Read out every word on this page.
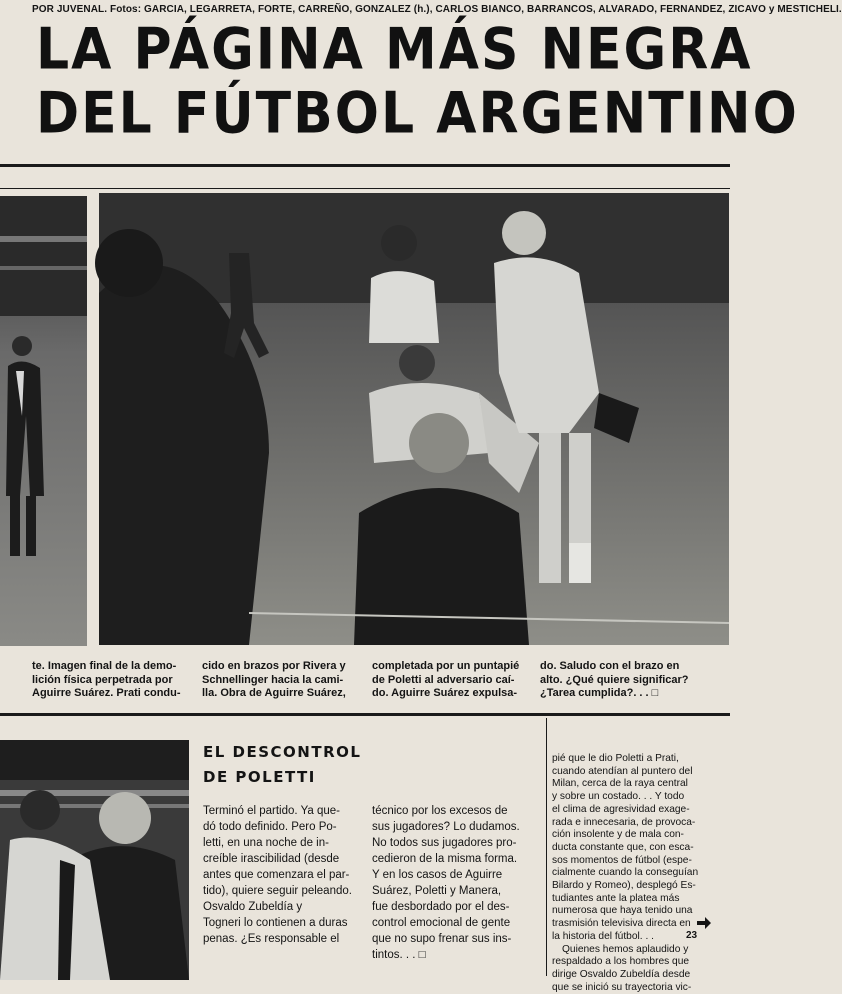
POR JUVENAL. Fotos: GARCIA, LEGARRETA, FORTE, CARREÑO, GONZALEZ (h.), CARLOS BIANCO, BARRANCOS, ALVARADO, FERNANDEZ, ZICAVO y MESTICHELI.
LA PÁGINA MÁS NEGRA
DEL FÚTBOL ARGENTINO
te. Imagen final de la demo-
lición física perpetrada por
Aguirre Suárez. Prati condu-
cido en brazos por Rivera y
Schnellinger hacia la cami-
lla. Obra de Aguirre Suárez,
completada por un puntapié
de Poletti al adversario caí-
do. Aguirre Suárez expulsa-
do. Saludo con el brazo en
alto. ¿Qué quiere significar?
¿Tarea cumplida?. . . □
EL DESCONTROL
DE POLETTI
Terminó el partido. Ya que-
dó todo definido. Pero Po-
letti, en una noche de in-
creíble irascibilidad (desde
antes que comenzara el par-
tido), quiere seguir peleando.
Osvaldo Zubeldía y
Togneri lo contienen a duras
penas. ¿Es responsable el
técnico por los excesos de
sus jugadores? Lo dudamos.
No todos sus jugadores pro-
cedieron de la misma forma.
Y en los casos de Aguirre
Suárez, Poletti y Manera,
fue desbordado por el des-
control emocional de gente
que no supo frenar sus ins-
tintos. . . □
pié que le dio Poletti a Prati,
cuando atendían al puntero del
Milan, cerca de la raya central
y sobre un costado. . . Y todo
el clima de agresividad exage-
rada e innecesaria, de provoca-
ción insolente y de mala con-
ducta constante que, con esca-
sos momentos de fútbol (espe-
cialmente cuando la conseguían
Bilardo y Romeo), desplegó Es-
tudiantes ante la platea más
numerosa que haya tenido una
trasmisión televisiva directa en
la historia del fútbol. . .
Quienes hemos aplaudido y
respaldado a los hombres que
dirige Osvaldo Zubeldía desde
que se inició su trayectoria vic-
23
